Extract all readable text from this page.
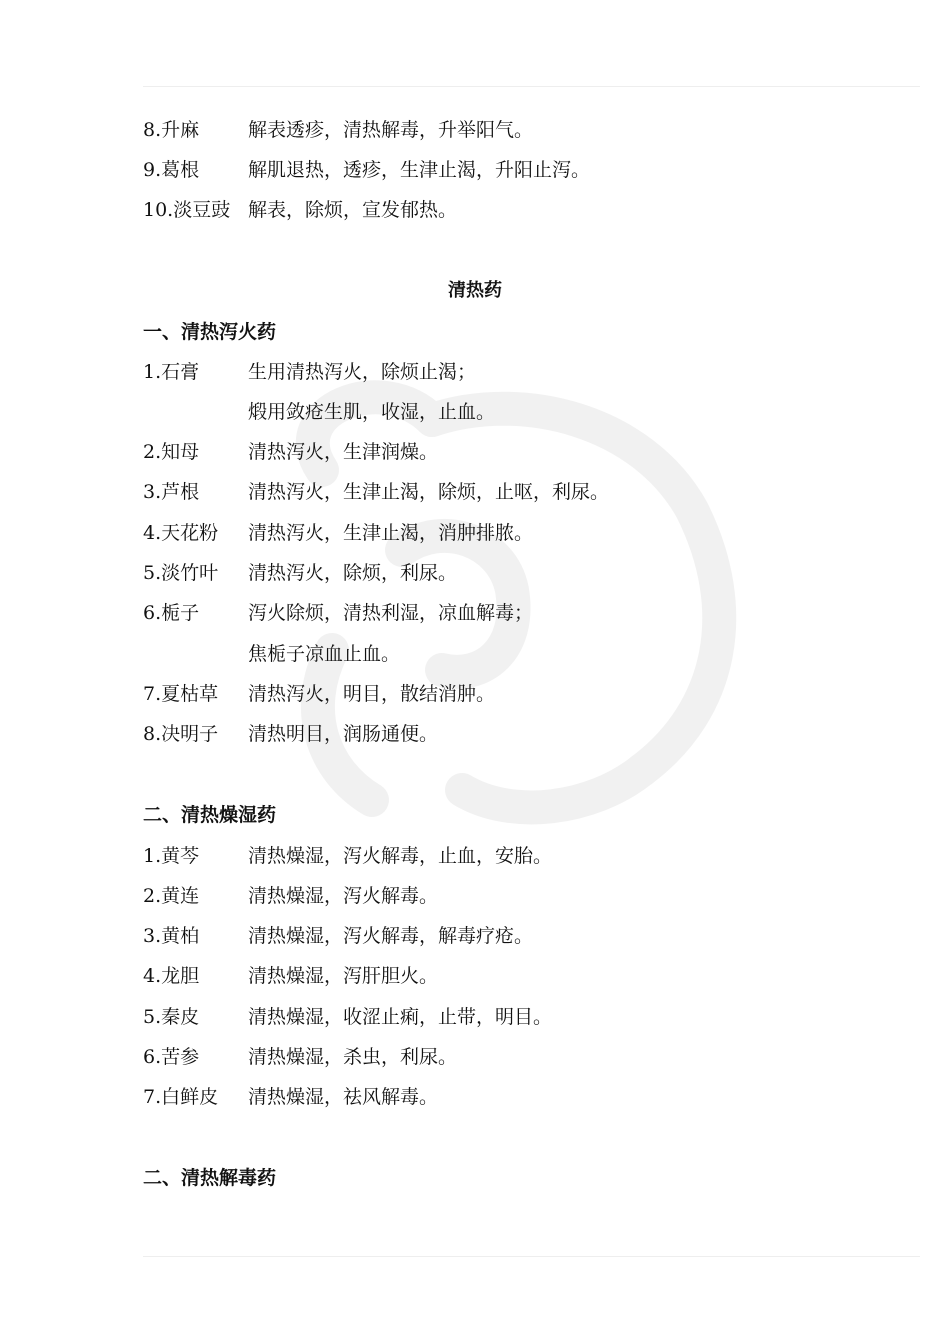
8.升麻	解表透疹，清热解毒，升举阳气。
9.葛根	解肌退热，透疹，生津止渴，升阳止泻。
10.淡豆豉 解表，除烦，宣发郁热。
清热药
一、清热泻火药
1.石膏	生用清热泻火，除烦止渴；
煅用敛疮生肌，收湿，止血。
2.知母	清热泻火，生津润燥。
3.芦根	清热泻火，生津止渴，除烦，止呕，利尿。
4.天花粉 清热泻火，生津止渴，消肿排脓。
5.淡竹叶 清热泻火，除烦，利尿。
6.栀子	泻火除烦，清热利湿，凉血解毒；
焦栀子凉血止血。
7.夏枯草 清热泻火，明目，散结消肿。
8.决明子 清热明目，润肠通便。
二、清热燥湿药
1.黄芩	清热燥湿，泻火解毒，止血，安胎。
2.黄连	清热燥湿，泻火解毒。
3.黄柏	清热燥湿，泻火解毒，解毒疗疮。
4.龙胆	清热燥湿，泻肝胆火。
5.秦皮	清热燥湿，收涩止痢，止带，明目。
6.苦参	清热燥湿，杀虫，利尿。
7.白鲜皮 清热燥湿，祛风解毒。
二、清热解毒药
